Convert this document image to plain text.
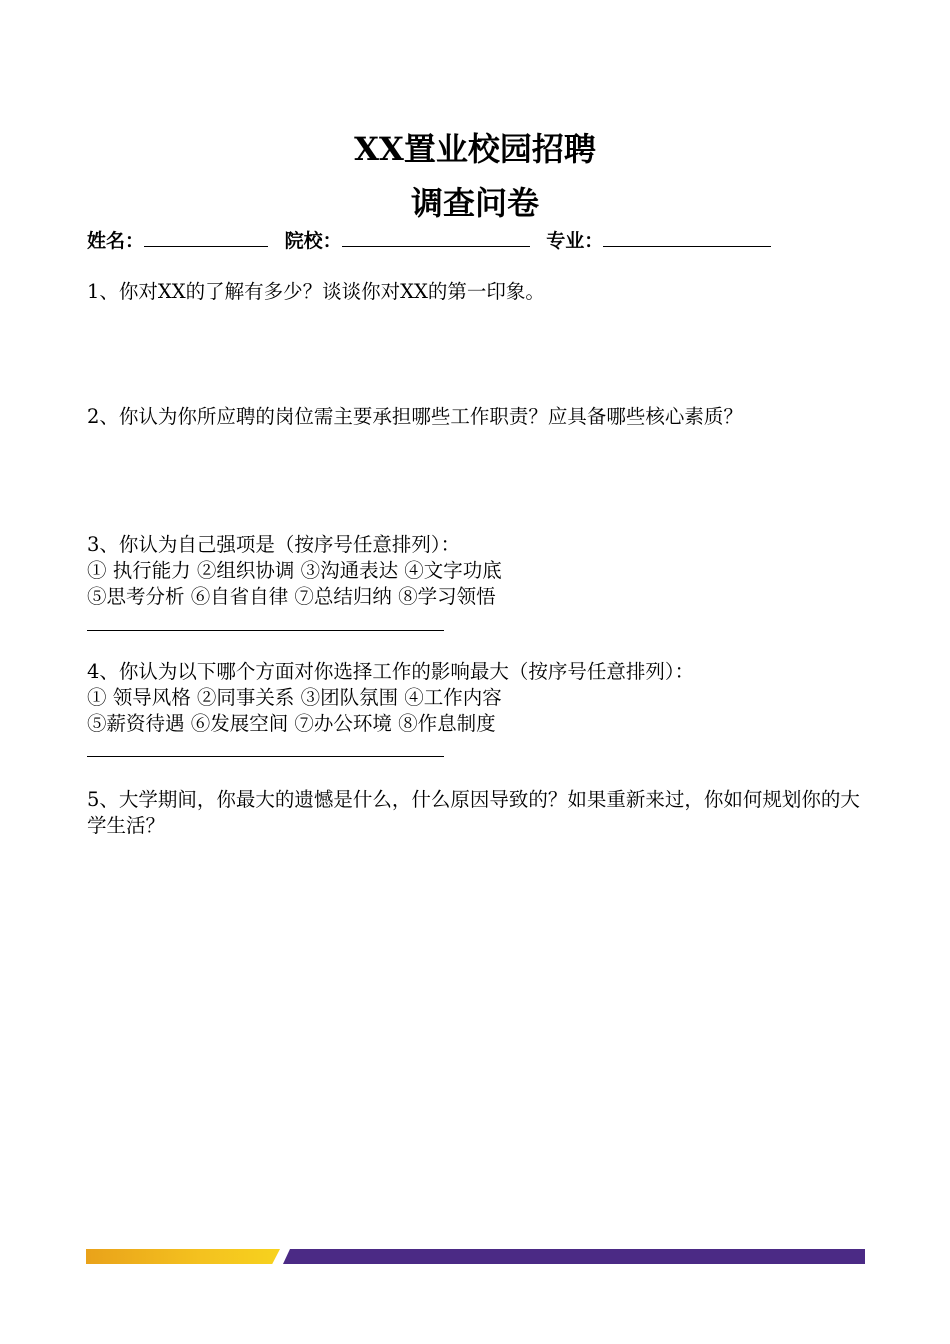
XX置业校园招聘
调查问卷
姓名：	院校：	专业：

1、你对XX的了解有多少？谈谈你对XX的第一印象。

2、你认为你所应聘的岗位需主要承担哪些工作职责？应具备哪些核心素质？

3、你认为自己强项是（按序号任意排列）：

① 执行能力 ②组织协调 ③沟通表达 ④文字功底

⑤思考分析 ⑥自省自律 ⑦总结归纳 ⑧学习领悟

4、你认为以下哪个方面对你选择工作的影响最大（按序号任意排列）：

① 领导风格 ②同事关系 ③团队氛围 ④工作内容

⑤薪资待遇 ⑥发展空间 ⑦办公环境 ⑧作息制度

5、大学期间，你最大的遗憾是什么，什么原因导致的？如果重新来过，你如何规划你的大学生活？
